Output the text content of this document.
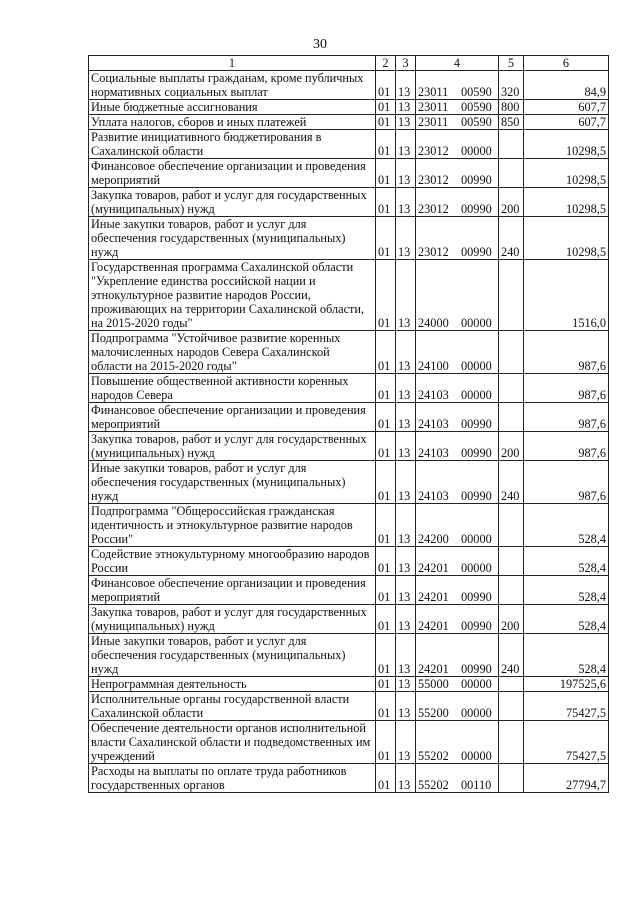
30
1	2	3	4	5	6
Социальные выплаты гражданам, кроме публичных нормативных социальных выплат	01	13	23011 00590	320	84,9
Иные бюджетные ассигнования	01	13	23011 00590	800	607,7
Уплата налогов, сборов и иных платежей	01	13	23011 00590	850	607,7
Развитие инициативного бюджетирования в Сахалинской области	01	13	23012 00000		10298,5
Финансовое обеспечение организации и проведения мероприятий	01	13	23012 00990		10298,5
Закупка товаров, работ и услуг для государственных (муниципальных) нужд	01	13	23012 00990	200	10298,5
Иные закупки товаров, работ и услуг для обеспечения государственных (муниципальных) нужд	01	13	23012 00990	240	10298,5
Государственная программа Сахалинской области "Укрепление единства российской нации и этнокультурное развитие народов России, проживающих на территории Сахалинской области, на 2015-2020 годы"	01	13	24000 00000		1516,0
Подпрограмма "Устойчивое развитие коренных малочисленных народов Севера Сахалинской области на 2015-2020 годы"	01	13	24100 00000		987,6
Повышение общественной активности коренных народов Севера	01	13	24103 00000		987,6
Финансовое обеспечение организации и проведения мероприятий	01	13	24103 00990		987,6
Закупка товаров, работ и услуг для государственных (муниципальных) нужд	01	13	24103 00990	200	987,6
Иные закупки товаров, работ и услуг для обеспечения государственных (муниципальных) нужд	01	13	24103 00990	240	987,6
Подпрограмма "Общероссийская гражданская идентичность и этнокультурное развитие народов России"	01	13	24200 00000		528,4
Содействие этнокультурному многообразию народов России	01	13	24201 00000		528,4
Финансовое обеспечение организации и проведения мероприятий	01	13	24201 00990		528,4
Закупка товаров, работ и услуг для государственных (муниципальных) нужд	01	13	24201 00990	200	528,4
Иные закупки товаров, работ и услуг для обеспечения государственных (муниципальных) нужд	01	13	24201 00990	240	528,4
Непрограммная деятельность	01	13	55000 00000		197525,6
Исполнительные органы государственной власти Сахалинской области	01	13	55200 00000		75427,5
Обеспечение деятельности органов исполнительной власти Сахалинской области и подведомственных им учреждений	01	13	55202 00000		75427,5
Расходы на выплаты по оплате труда работников государственных органов	01	13	55202 00110		27794,7
